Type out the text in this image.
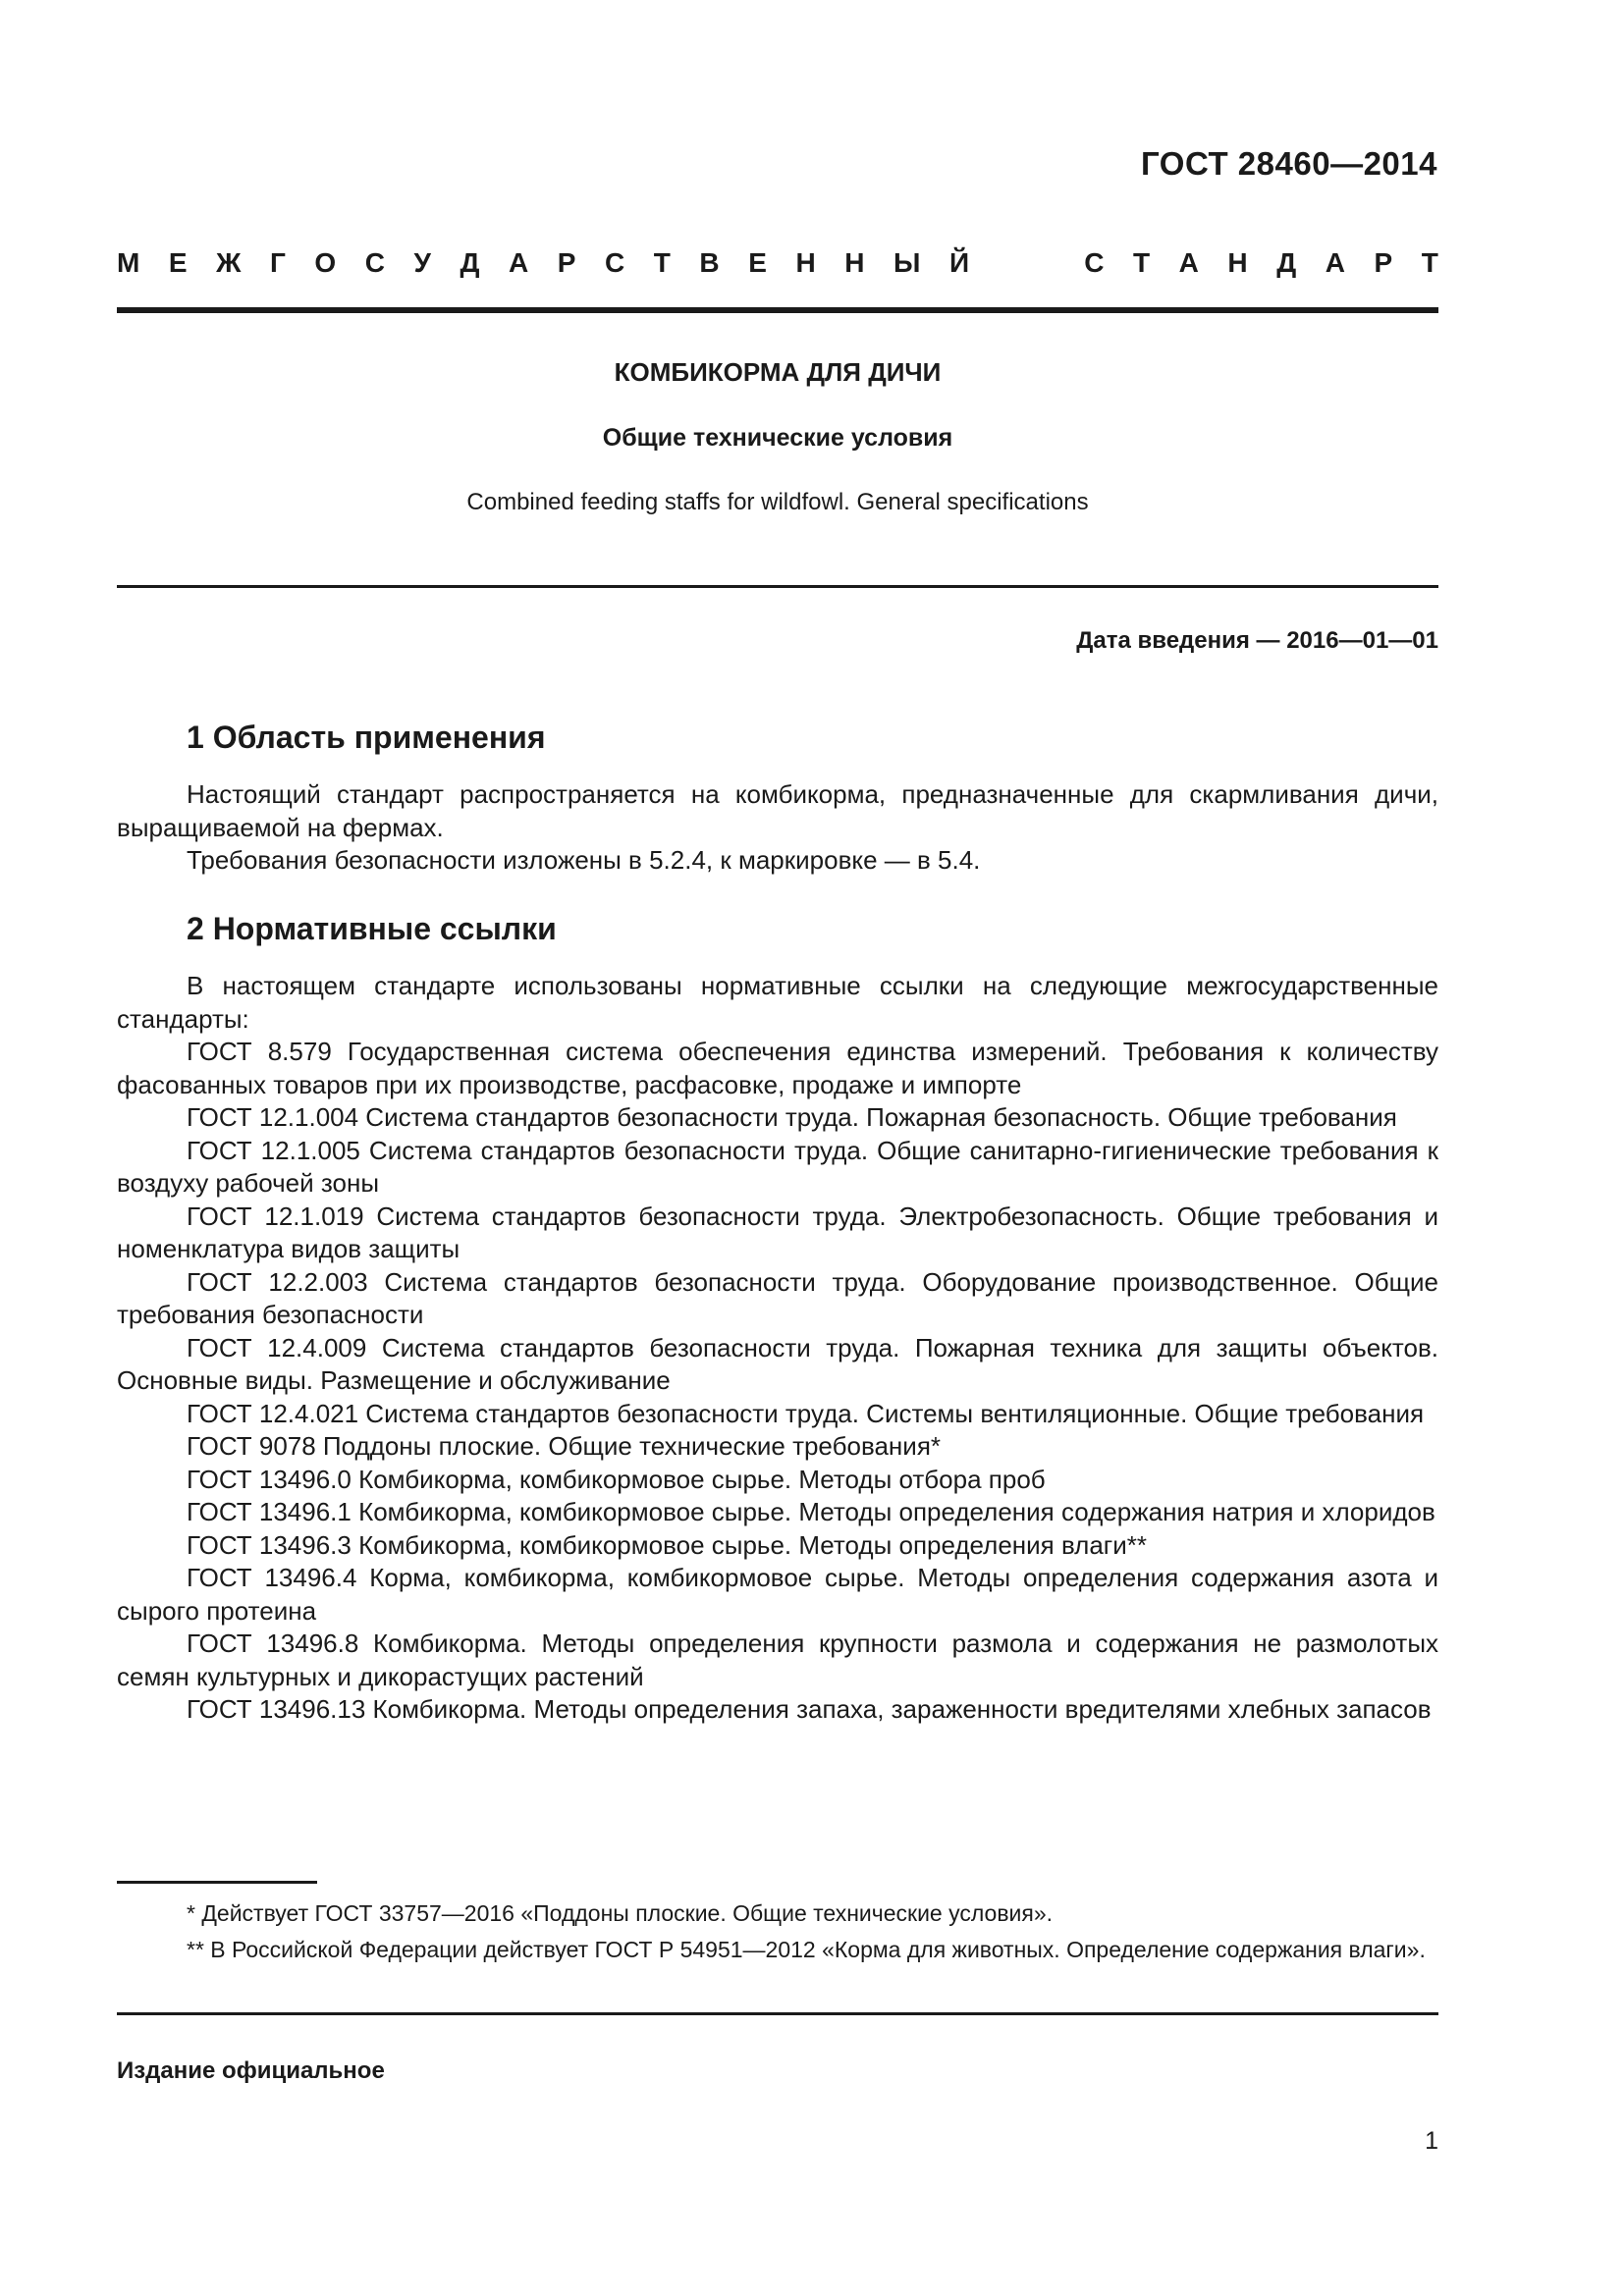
ГОСТ 28460—2014
М Е Ж Г О С У Д А Р С Т В Е Н Н Ы Й	С Т А Н Д А Р Т
КОМБИКОРМА ДЛЯ ДИЧИ
Общие технические условия
Combined feeding staffs for wildfowl. General specifications
Дата введения — 2016—01—01
1 Область применения

Настоящий стандарт распространяется на комбикорма, предназначенные для скармливания дичи, выращиваемой на фермах.

Требования безопасности изложены в 5.2.4, к маркировке — в 5.4.

2 Нормативные ссылки

В настоящем стандарте использованы нормативные ссылки на следующие межгосударственные стандарты:

ГОСТ 8.579 Государственная система обеспечения единства измерений. Требования к количеству фасованных товаров при их производстве, расфасовке, продаже и импорте

ГОСТ 12.1.004 Система стандартов безопасности труда. Пожарная безопасность. Общие требования

ГОСТ 12.1.005 Система стандартов безопасности труда. Общие санитарно-гигиенические требования к воздуху рабочей зоны

ГОСТ 12.1.019 Система стандартов безопасности труда. Электробезопасность. Общие требования и номенклатура видов защиты

ГОСТ 12.2.003 Система стандартов безопасности труда. Оборудование производственное. Общие требования безопасности

ГОСТ 12.4.009 Система стандартов безопасности труда. Пожарная техника для защиты объектов. Основные виды. Размещение и обслуживание

ГОСТ 12.4.021 Система стандартов безопасности труда. Системы вентиляционные. Общие требования

ГОСТ 9078 Поддоны плоские. Общие технические требования*

ГОСТ 13496.0 Комбикорма, комбикормовое сырье. Методы отбора проб

ГОСТ 13496.1 Комбикорма, комбикормовое сырье. Методы определения содержания натрия и хлоридов

ГОСТ 13496.3 Комбикорма, комбикормовое сырье. Методы определения влаги**

ГОСТ 13496.4 Корма, комбикорма, комбикормовое сырье. Методы определения содержания азота и сырого протеина

ГОСТ 13496.8 Комбикорма. Методы определения крупности размола и содержания не размолотых семян культурных и дикорастущих растений

ГОСТ 13496.13 Комбикорма. Методы определения запаха, зараженности вредителями хлебных запасов

* Действует ГОСТ 33757—2016 «Поддоны плоские. Общие технические условия».

** В Российской Федерации действует ГОСТ Р 54951—2012 «Корма для животных. Определение содержания влаги».

Издание официальное
1
